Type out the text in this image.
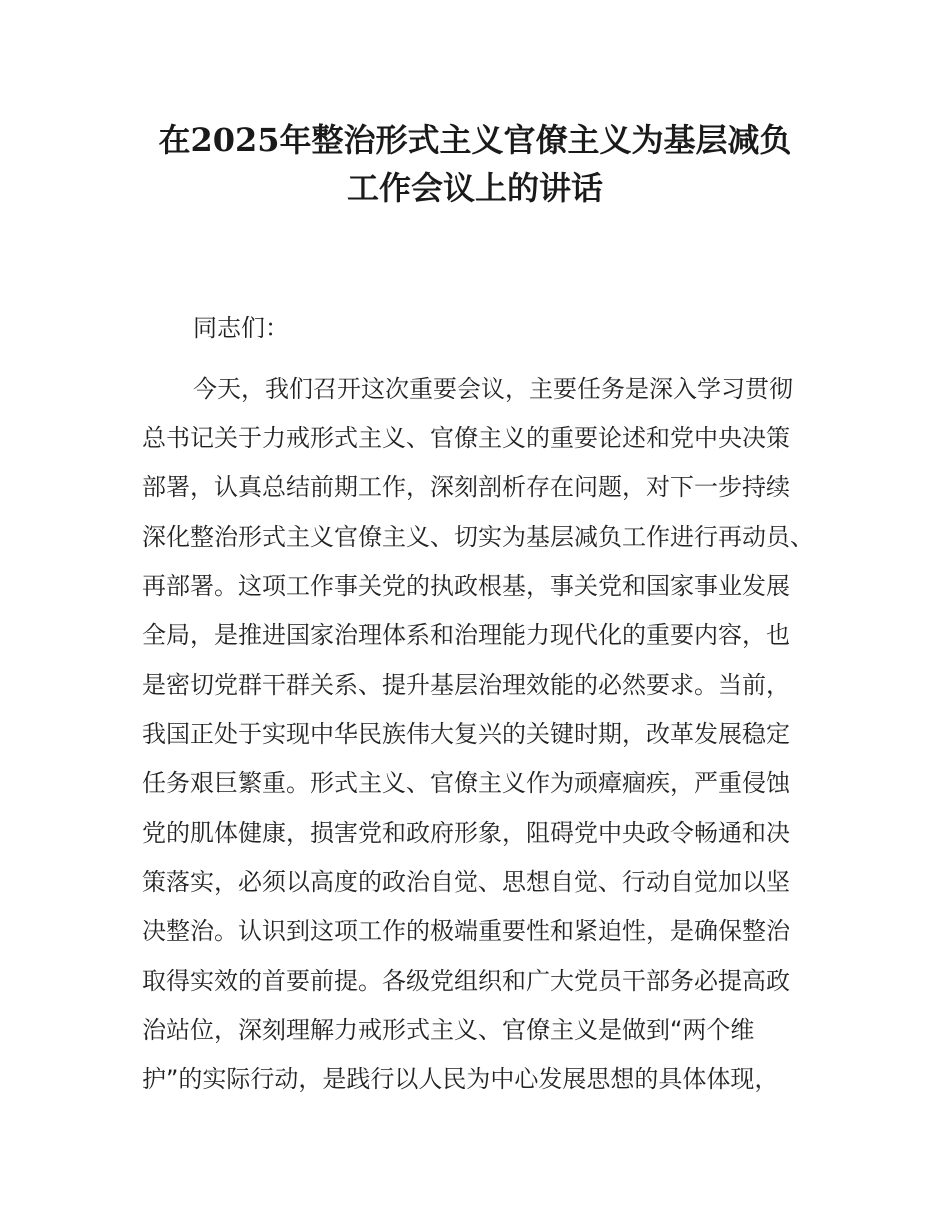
在2025年整治形式主义官僚主义为基层减负
工作会议上的讲话
同志们：
今天，我们召开这次重要会议，主要任务是深入学习贯彻
总书记关于力戒形式主义、官僚主义的重要论述和党中央决策
部署，认真总结前期工作，深刻剖析存在问题，对下一步持续
深化整治形式主义官僚主义、切实为基层减负工作进行再动员、
再部署。这项工作事关党的执政根基，事关党和国家事业发展
全局，是推进国家治理体系和治理能力现代化的重要内容，也
是密切党群干群关系、提升基层治理效能的必然要求。当前，
我国正处于实现中华民族伟大复兴的关键时期，改革发展稳定
任务艰巨繁重。形式主义、官僚主义作为顽瘴痼疾，严重侵蚀
党的肌体健康，损害党和政府形象，阻碍党中央政令畅通和决
策落实，必须以高度的政治自觉、思想自觉、行动自觉加以坚
决整治。认识到这项工作的极端重要性和紧迫性，是确保整治
取得实效的首要前提。各级党组织和广大党员干部务必提高政
治站位，深刻理解力戒形式主义、官僚主义是做到“两个维
护”的实际行动，是践行以人民为中心发展思想的具体体现，
